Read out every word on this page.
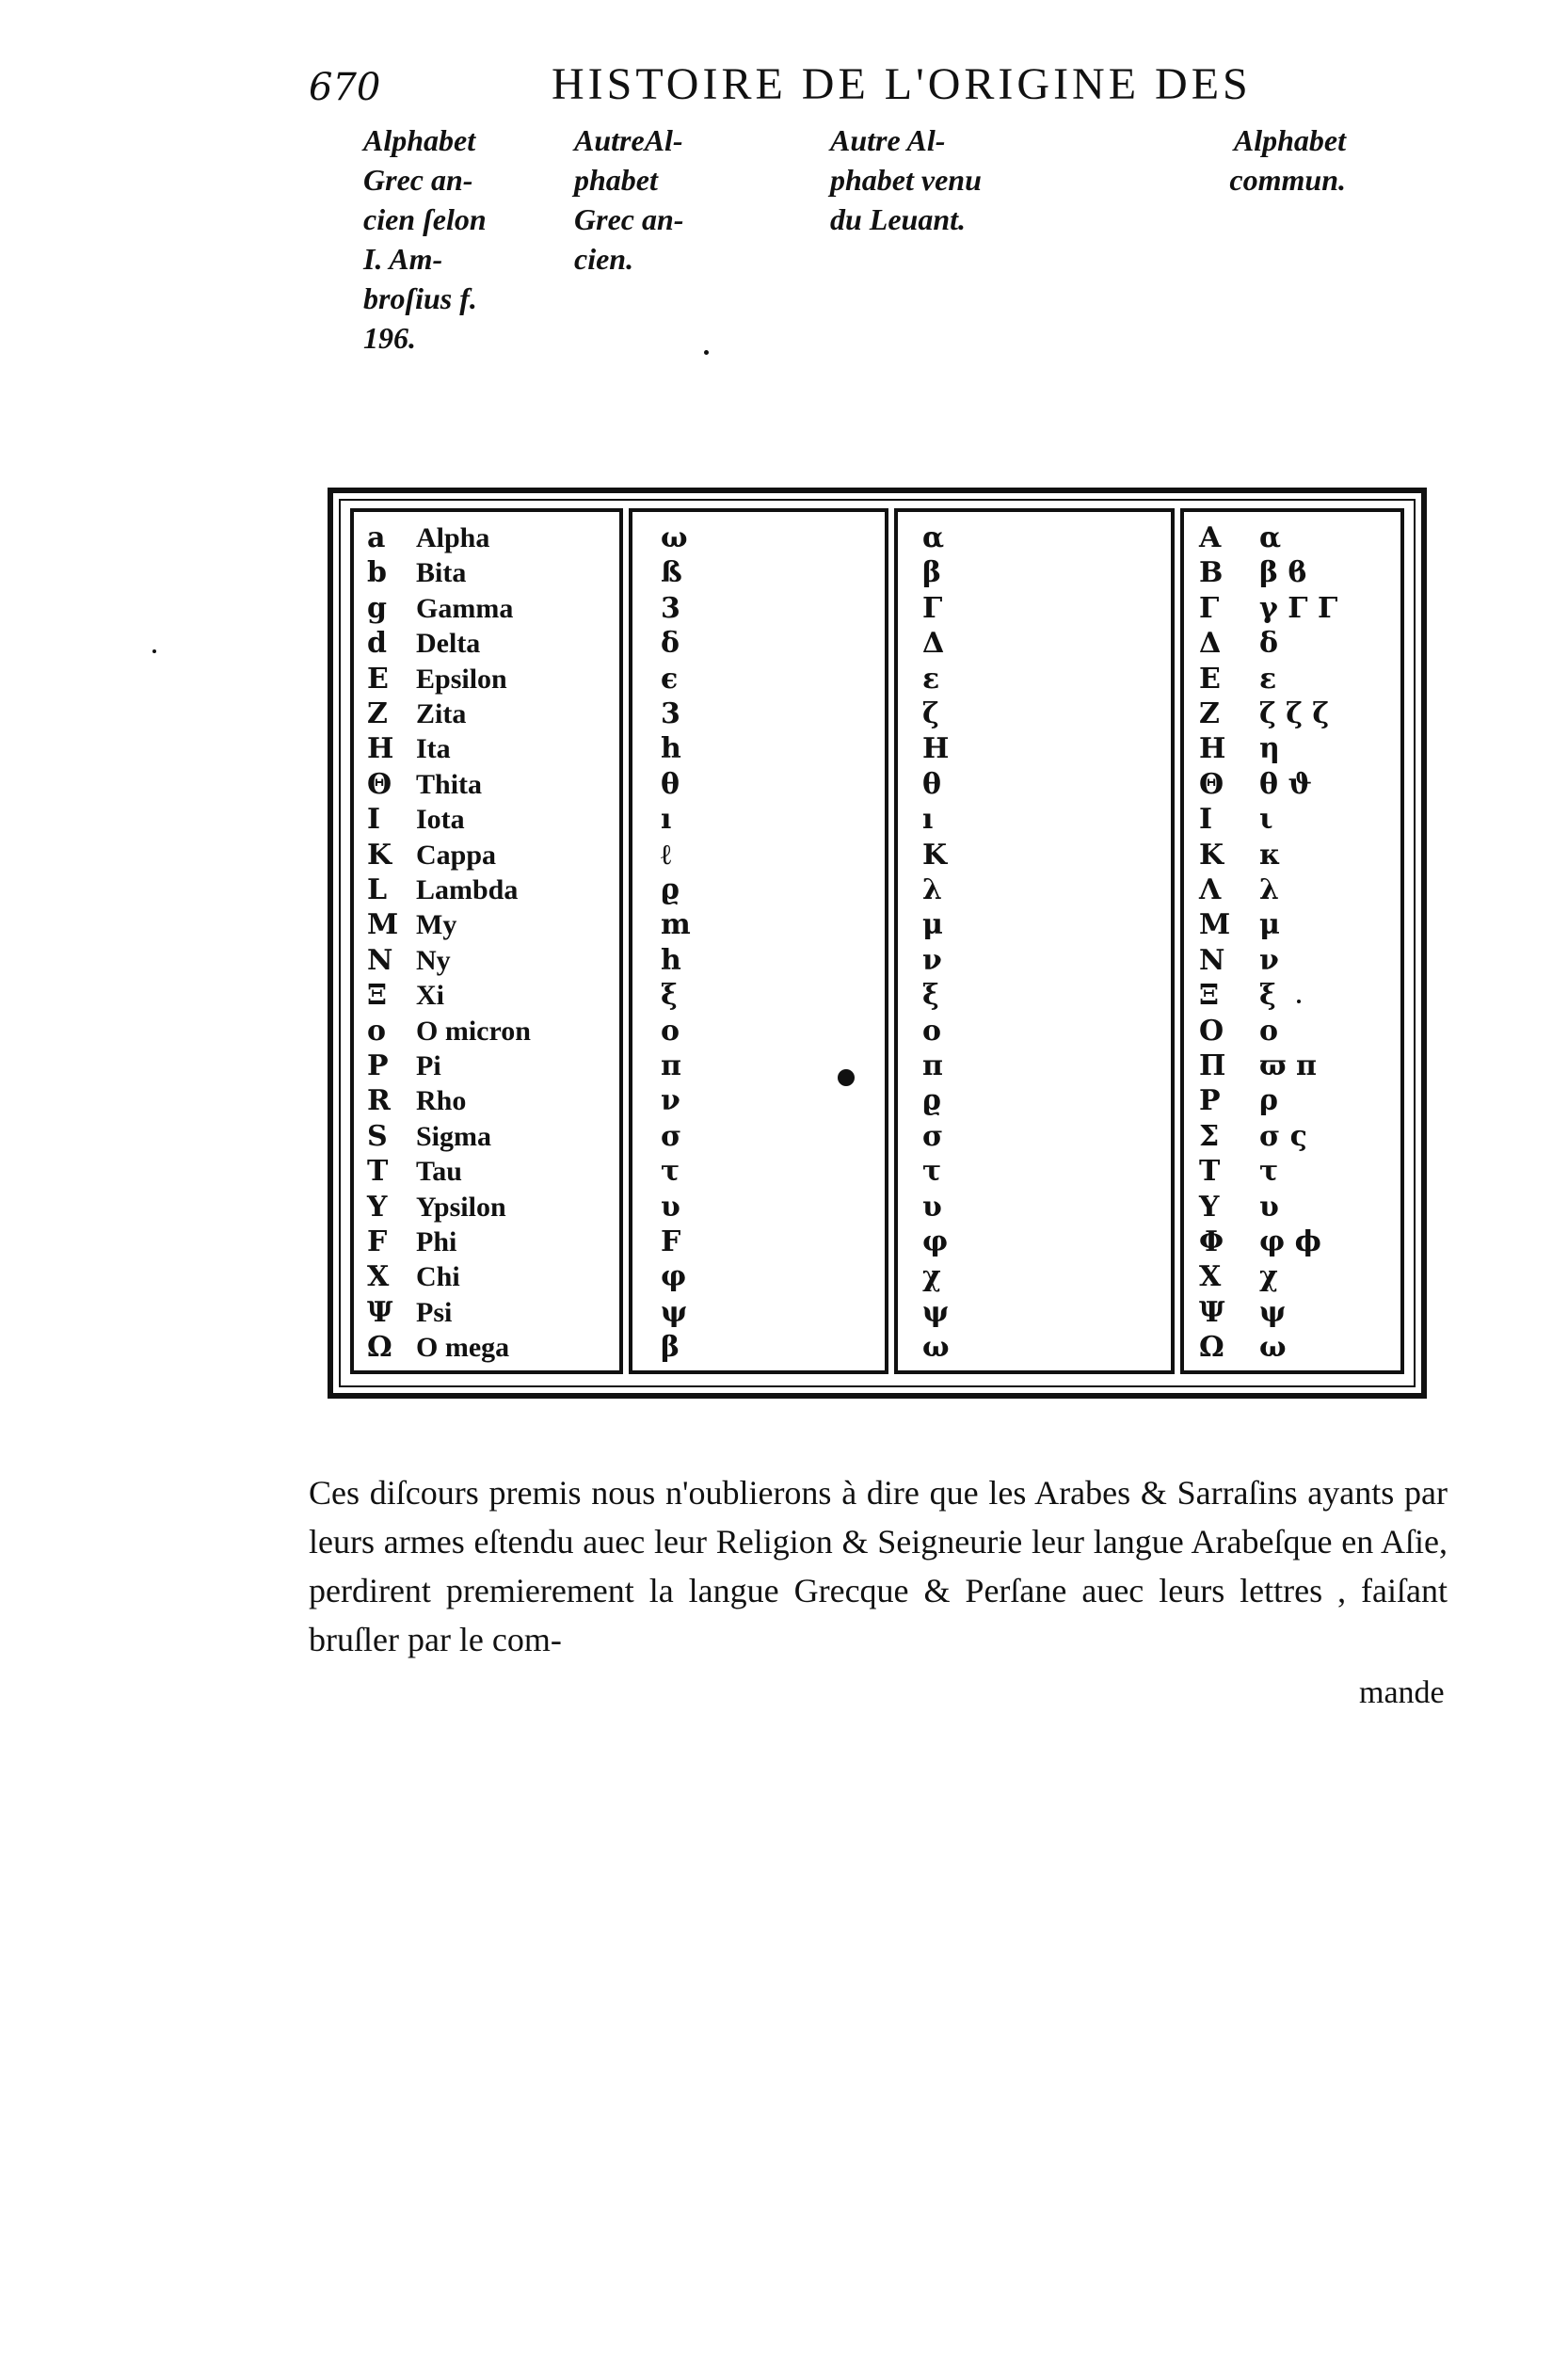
670	HISTOIRE DE L'ORIGINE DES
Alphabet
Grec an-
cien ſelon
I. Am-
broſius f.
196.
AutreAl-
phabet
Grec an-
cien.
Autre Al-
phabet venu
du Leuant.
Alphabet
commun.
a Alpha
b Bita
g Gamma
d Delta
E Epsilon
Z Zita
H Ita
Θ Thita
I Iota
K Cappa
L Lambda
M My
N Ny
Ξ Xi
o O micron
P Pi
R Rho
S Sigma
T Tau
Y Ypsilon
F Phi
X Chi
Ψ Psi
Ω O mega
ω
ß
3
δ
ϵ
3
h
θ
ı
ℓ
ϱ
m
h
ξ
ο
π
ν
σ
τ
υ
F
φ
ψ
β
α
β
Γ
Δ
ε
ζ
H
θ
ı
K
λ
μ
ν
ξ
ο
π
ϱ
σ
τ
υ
φ
χ
ψ
ω
Α α
Β β ϐ
Γ γ Γ Γ
Δ δ
Ε ε
Ζ ζ ζ ζ
Η η
Θ θ ϑ
Ι ι
Κ κ
Λ λ
Μ μ
Ν ν
Ξ ξ
Ο ο
Π ϖ π
Ρ ρ
Σ σ ς
Τ τ
Υ υ
Φ φ ϕ
Χ χ
Ψ ψ
Ω ω
Ces diſcours premis nous n'oublierons à dire que les Arabes & Sarraſins ayants par leurs armes eſtendu auec leur Religion & Seigneurie leur langue Arabeſque en Aſie, perdirent premierement la langue Grecque & Perſane auec leurs lettres , faiſant bruſler par le com-
mande
